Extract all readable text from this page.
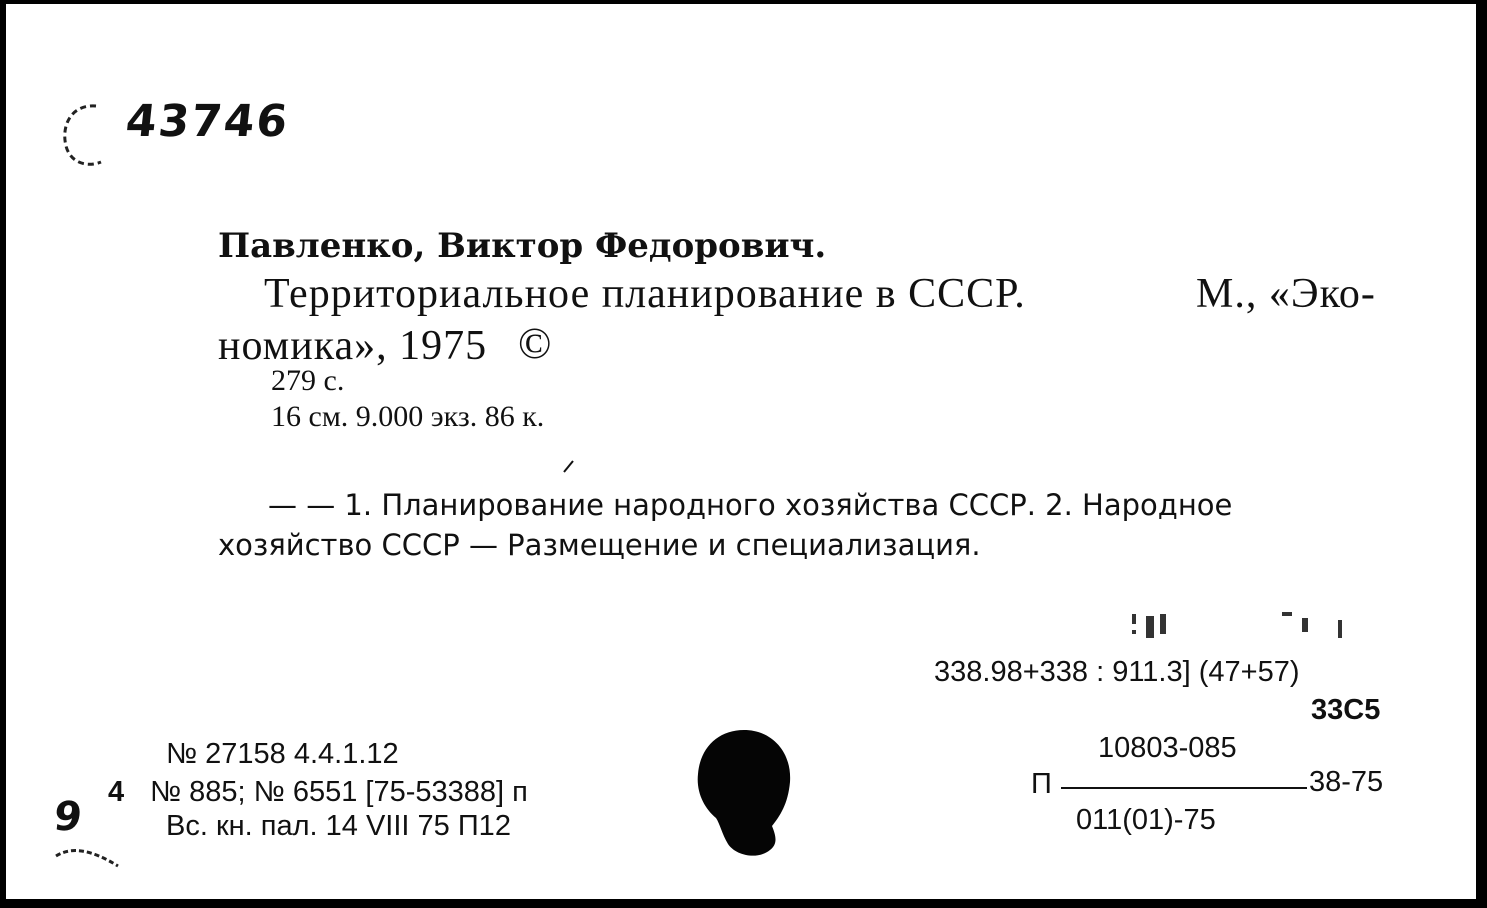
43746
Павленко, Виктор Федорович.
Территориальное планирование в СССР.	М., «Эко-
номика», 1975 ©
279 с.
16 см. 9.000 экз. 86 к.
— — 1. Планирование народного хозяйства СССР. 2. Народное
хозяйство СССР — Размещение и специализация.
338.98+338 : 911.3] (47+57)
33С5
10803-085
П	38-75
011(01)-75
№ 27158 4.4.1.12
4 № 885; № 6551 [75-53388] п
Вс. кн. пал. 14 VIII 75 П12
9
